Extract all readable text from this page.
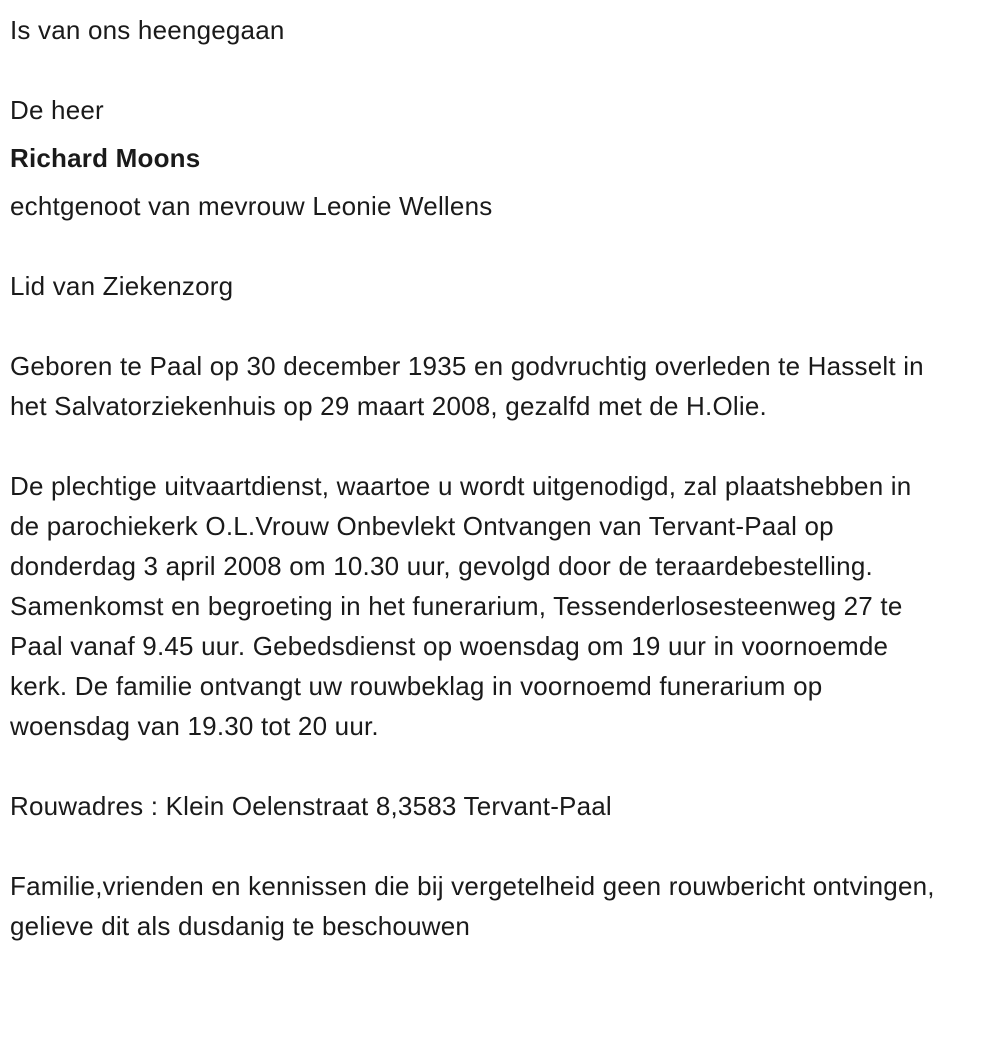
Is van ons heengegaan

De heer

Richard Moons

echtgenoot van mevrouw Leonie Wellens

Lid van Ziekenzorg

Geboren te Paal op 30 december 1935 en godvruchtig overleden te Hasselt in het Salvatorziekenhuis op 29 maart 2008, gezalfd met de H.Olie.

De plechtige uitvaartdienst, waartoe u wordt uitgenodigd, zal plaatshebben in de parochiekerk O.L.Vrouw Onbevlekt Ontvangen van Tervant-Paal op donderdag 3 april 2008 om 10.30 uur, gevolgd door de teraardebestelling. Samenkomst en begroeting in het funerarium, Tessenderlosesteenweg 27 te Paal vanaf 9.45 uur. Gebedsdienst op woensdag om 19 uur in voornoemde kerk. De familie ontvangt uw rouwbeklag in voornoemd funerarium op woensdag van 19.30 tot 20 uur.

Rouwadres : Klein Oelenstraat 8,3583 Tervant-Paal

Familie,vrienden en kennissen die bij vergetelheid geen rouwbericht ontvingen, gelieve dit als dusdanig te beschouwen
